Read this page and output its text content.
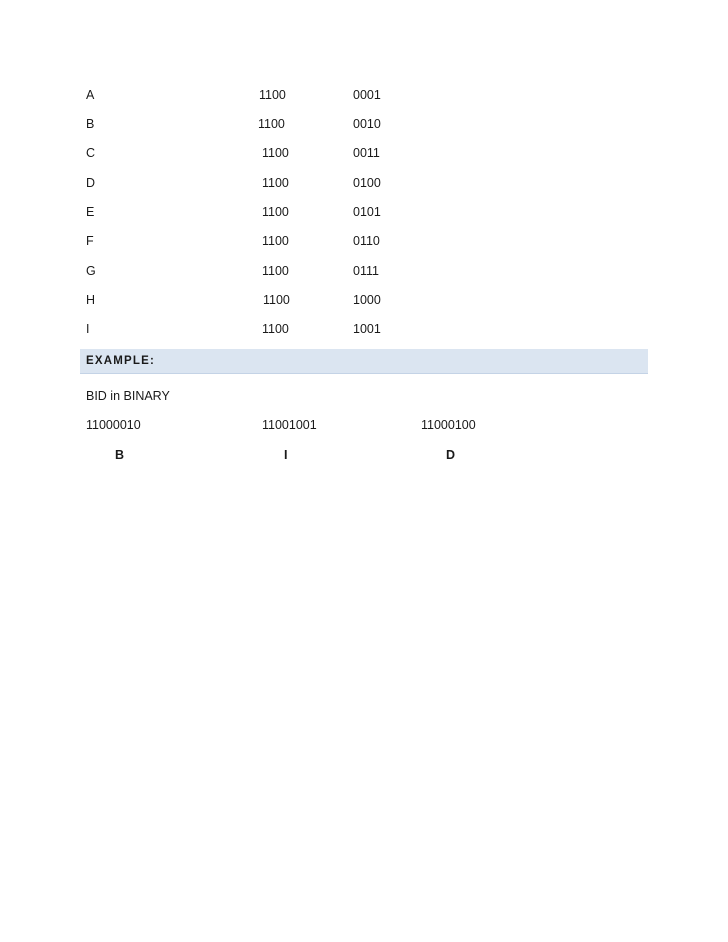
A	1100	0001
B	1100	0010
C	1100	0011
D	1100	0100
E	1100	0101
F	1100	0110
G	1100	0111
H	1100	1000
I	1100	1001
EXAMPLE:
BID in BINARY
11000010	11001001	11000100
B	I	D
